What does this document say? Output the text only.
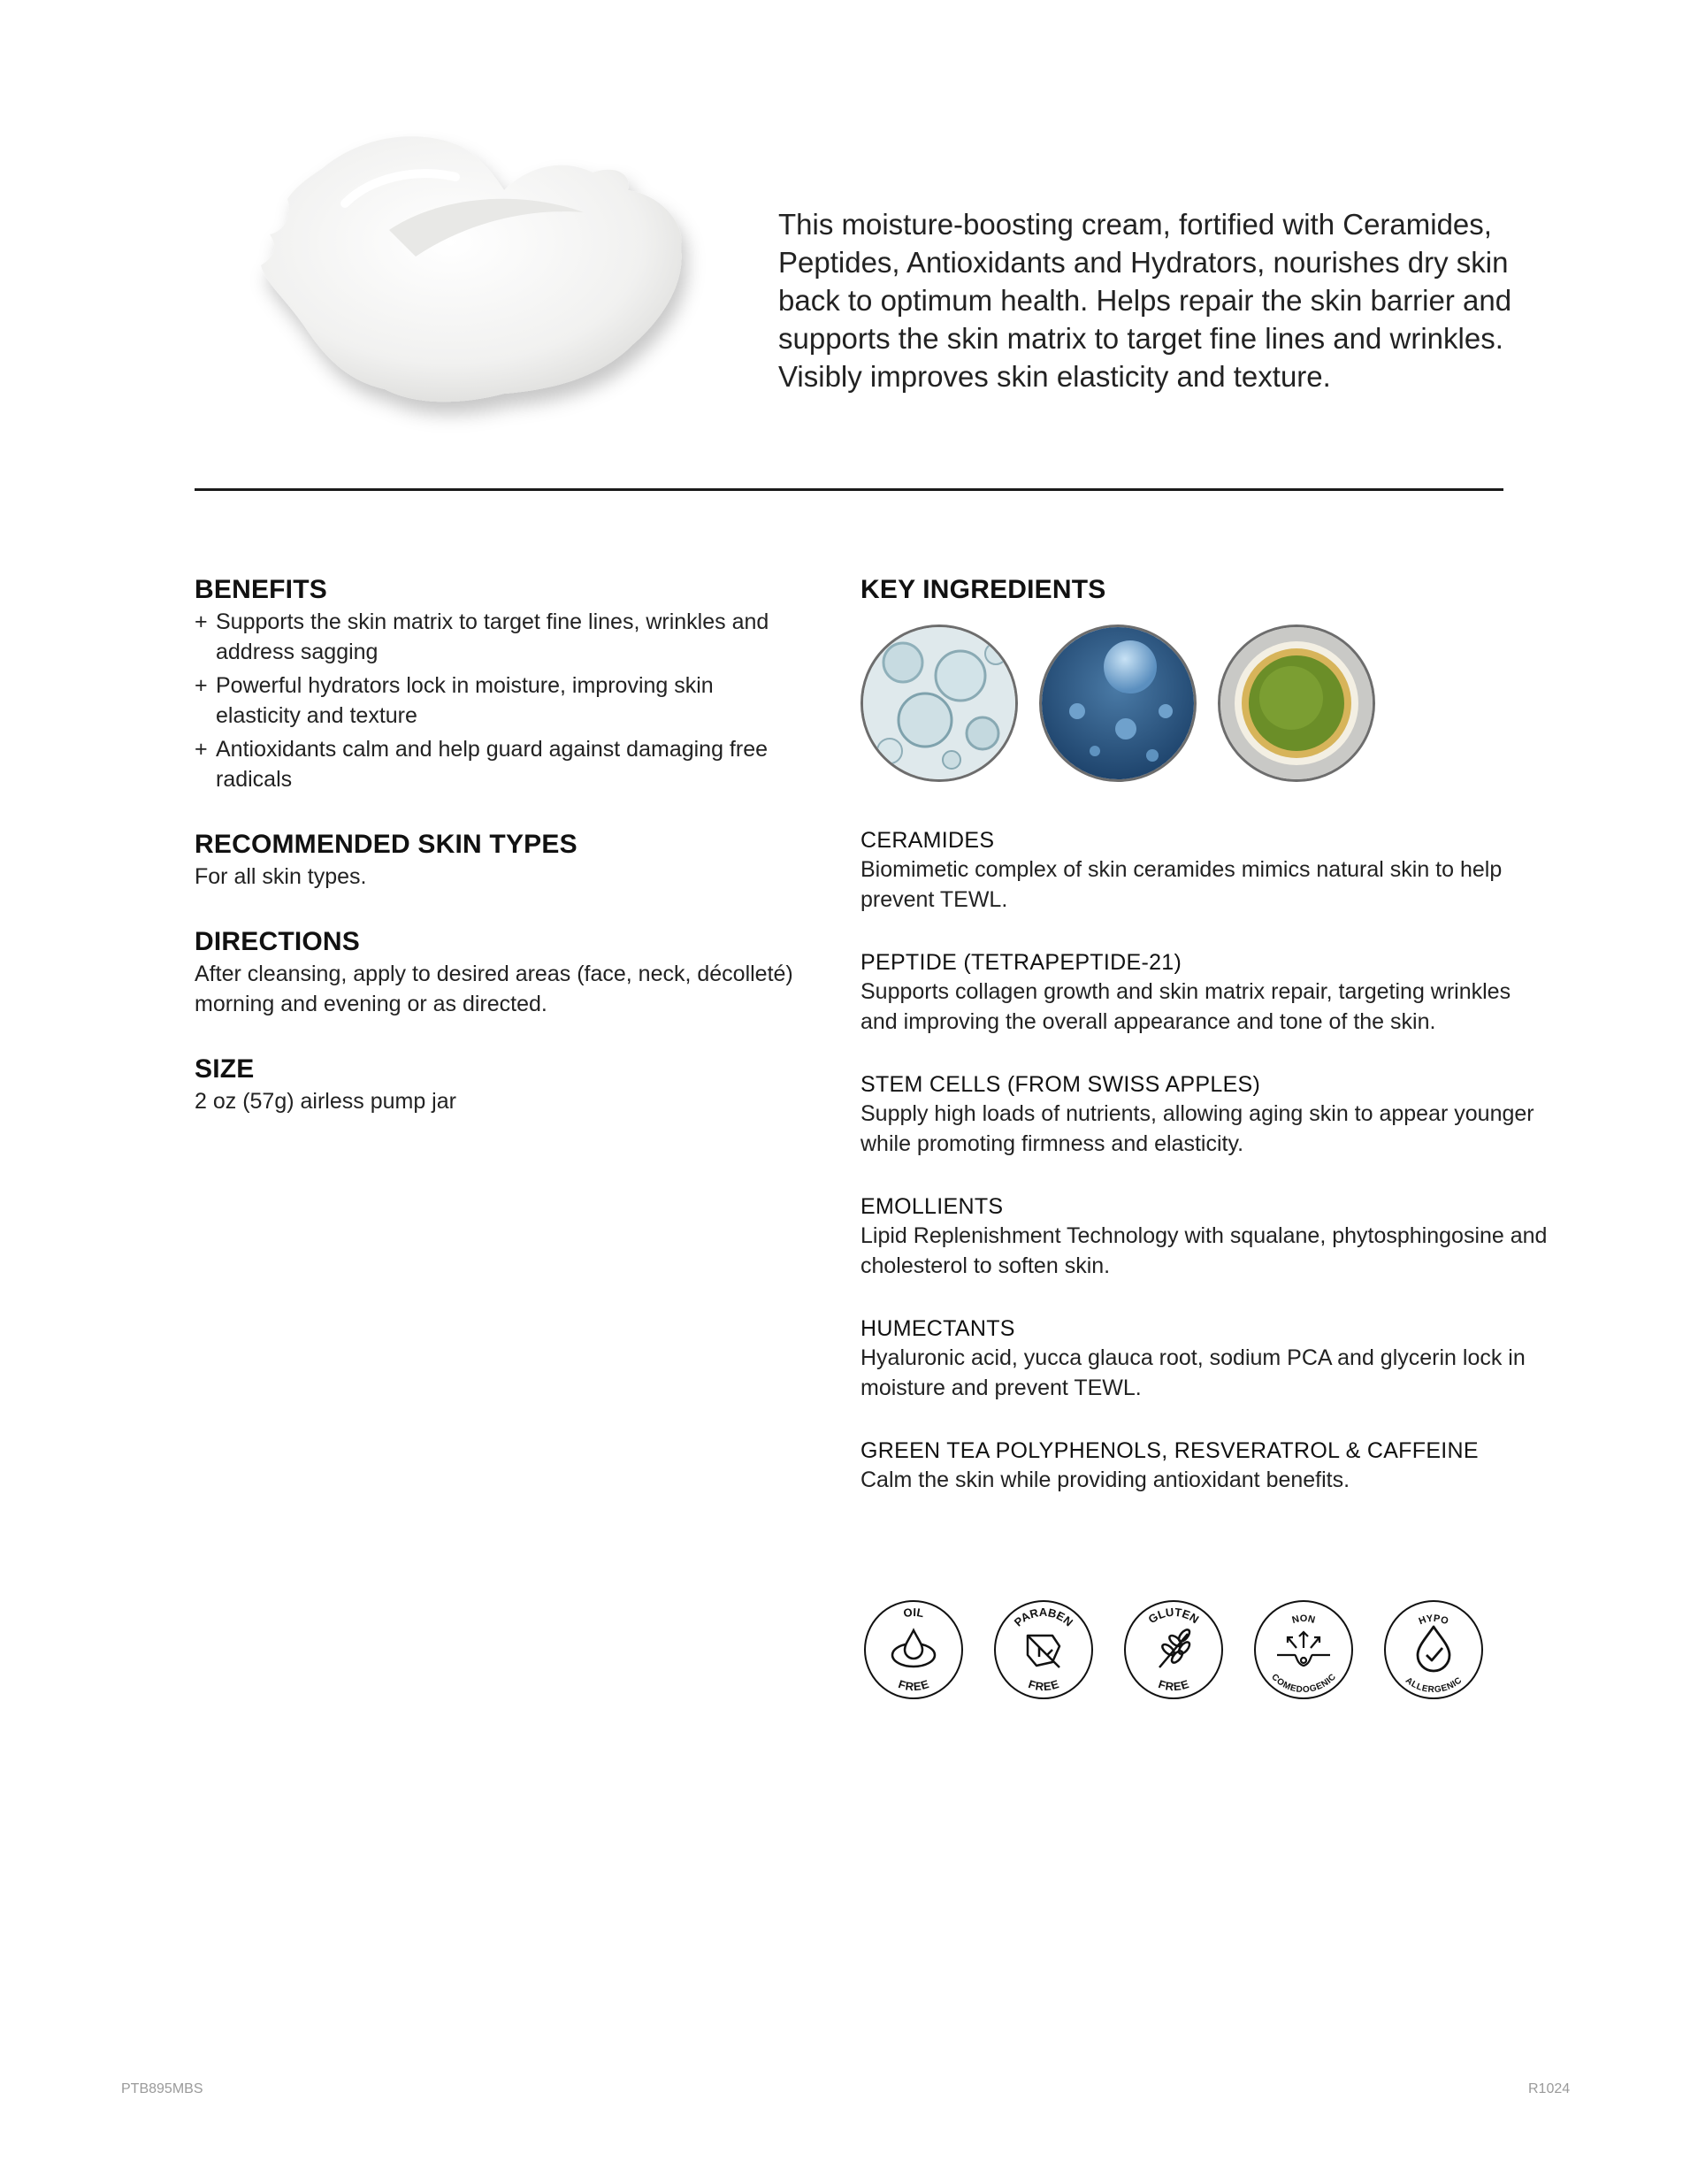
This moisture-boosting cream, fortified with Ceramides, Peptides, Antioxidants and Hydrators, nourishes dry skin back to optimum health. Helps repair the skin barrier and supports the skin matrix to target fine lines and wrinkles. Visibly improves skin elasticity and texture.
BENEFITS
+ Supports the skin matrix to target fine lines, wrinkles and address sagging
+ Powerful hydrators lock in moisture, improving skin elasticity and texture
+ Antioxidants calm and help guard against damaging free radicals
RECOMMENDED SKIN TYPES
For all skin types.
DIRECTIONS
After cleansing, apply to desired areas (face, neck, décolleté) morning and evening or as directed.
SIZE
2 oz (57g) airless pump jar
KEY INGREDIENTS
CERAMIDES
Biomimetic complex of skin ceramides mimics natural skin to help prevent TEWL.
PEPTIDE (TETRAPEPTIDE-21)
Supports collagen growth and skin matrix repair, targeting wrinkles and improving the overall appearance and tone of the skin.
STEM CELLS (FROM SWISS APPLES)
Supply high loads of nutrients, allowing aging skin to appear younger while promoting firmness and elasticity.
EMOLLIENTS
Lipid Replenishment Technology with squalane, phytosphingosine and cholesterol to soften skin.
HUMECTANTS
Hyaluronic acid, yucca glauca root, sodium PCA and glycerin lock in moisture and prevent TEWL.
GREEN TEA POLYPHENOLS, RESVERATROL & CAFFEINE
Calm the skin while providing antioxidant benefits.
OIL
FREE
PARABEN
FREE
GLUTEN
FREE
NON
COMEDOGENIC
HYPO
ALLERGENIC
PTB895MBS	R1024
